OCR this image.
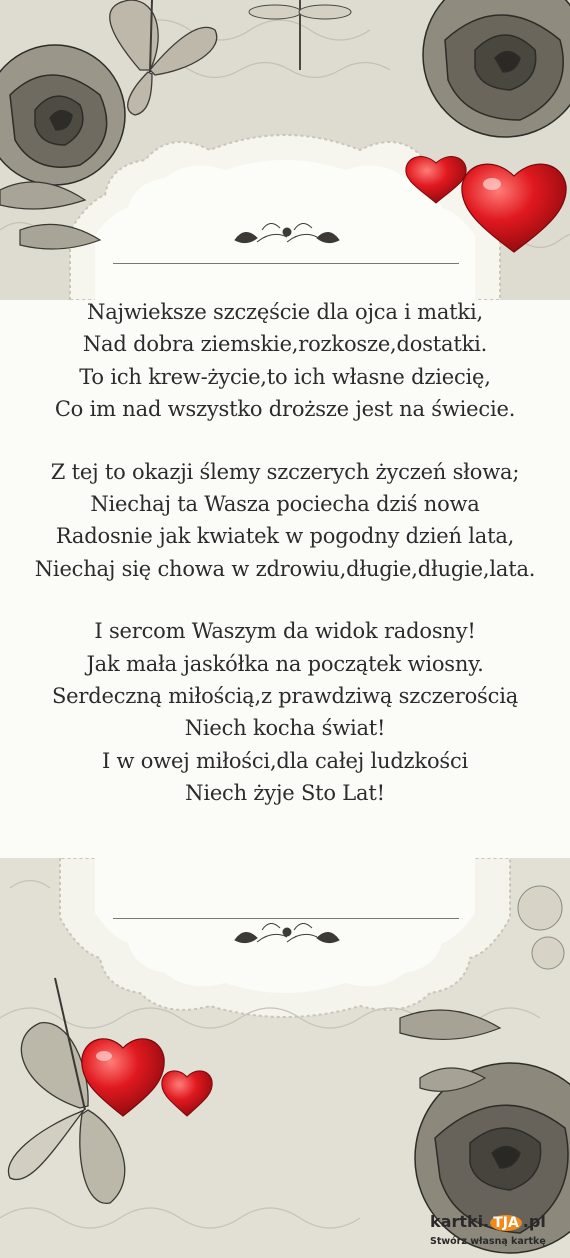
Najwieksze szczęście dla ojca i matki,
Nad dobra ziemskie,rozkosze,dostatki.
To ich krew-życie,to ich własne dziecię,
Co im nad wszystko droższe jest na świecie.
Z tej to okazji ślemy szczerych życzeń słowa;
Niechaj ta Wasza pociecha dziś nowa
Radosnie jak kwiatek w pogodny dzień lata,
Niechaj się chowa w zdrowiu,długie,długie,lata.
I sercom Waszym da widok radosny!
Jak mała jaskółka na początek wiosny.
Serdeczną miłością,z prawdziwą szczerością
Niech kocha świat!
I w owej miłości,dla całej ludzkości
Niech żyje Sto Lat!
kartki. TJA .pl
Stwórz własną kartkę
